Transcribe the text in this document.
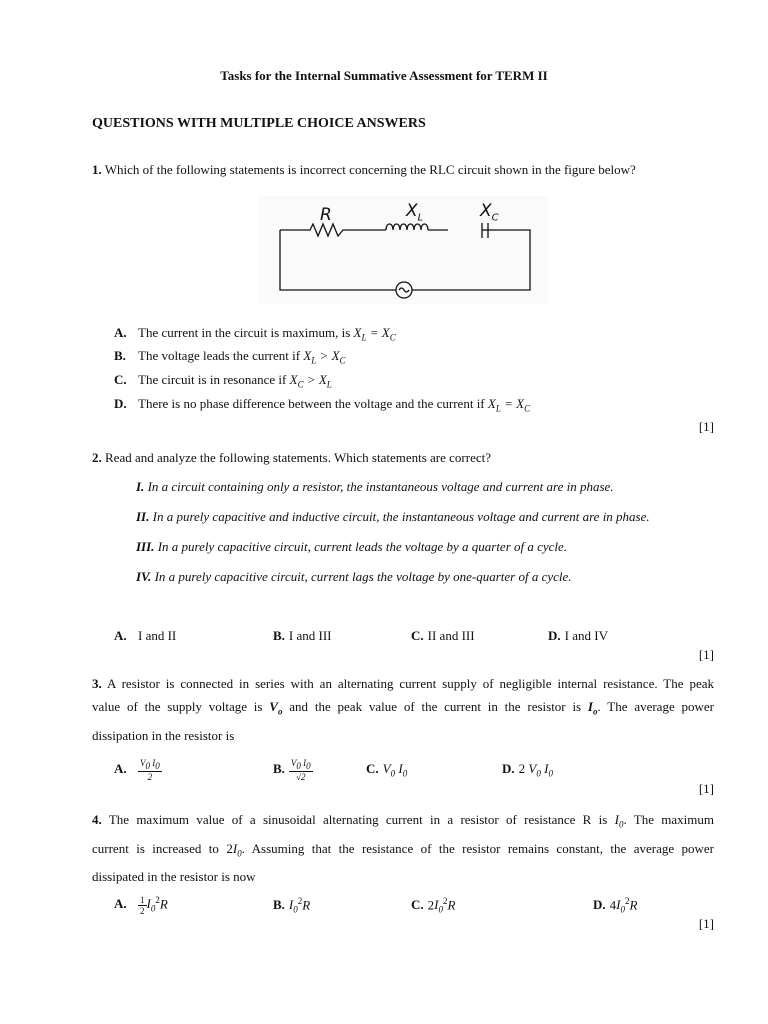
Tasks for the Internal Summative Assessment for TERM II
QUESTIONS WITH MULTIPLE CHOICE ANSWERS
1. Which of the following statements is incorrect concerning the RLC circuit shown in the figure below?
R	$X_L$	$X_C$
A. The current in the circuit is maximum, is $X_L = X_C$
B. The voltage leads the current if $X_L > X_C$
C. The circuit is in resonance if $X_C > X_L$
D. There is no phase difference between the voltage and the current if $X_L = X_C$
[1]
2. Read and analyze the following statements. Which statements are correct?
I. In a circuit containing only a resistor, the instantaneous voltage and current are in phase.
II. In a purely capacitive and inductive circuit, the instantaneous voltage and current are in phase.
III. In a purely capacitive circuit, current leads the voltage by a quarter of a cycle.
IV. In a purely capacitive circuit, current lags the voltage by one-quarter of a cycle.
A. I and II	B. I and III	C. II and III	D. I and IV
[1]
3. A resistor is connected in series with an alternating current supply of negligible internal resistance. The peak
value of the supply voltage is $V_o$ and the peak value of the current in the resistor is $I_o$. The average power
dissipation in the resistor is
A. $\frac{V_0 I_0}{2}$	B. $\frac{V_0 I_0}{√2}$	C. $V_0$ $I_0$	D. 2 $V_0$ $I_0$
[1]
4. The maximum value of a sinusoidal alternating current in a resistor of resistance R is $I_0$. The maximum
current is increased to $2I_0$. Assuming that the resistance of the resistor remains constant, the average power
dissipated in the resistor is now
A. $\frac{1}{2} I_0^2R$	B. $I_0^2R$	C. $2I_0^2R$	D. $4I_0^2R$
[1]
